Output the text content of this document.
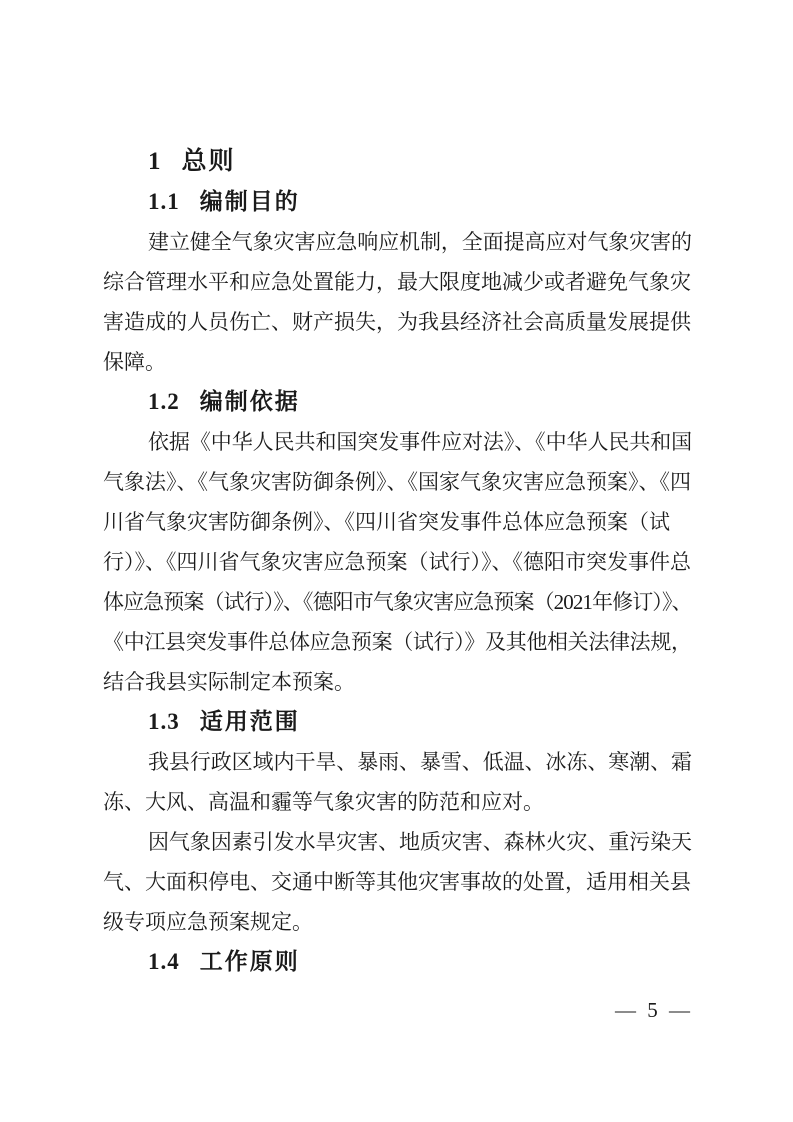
1 总则
1.1 编制目的
建立健全气象灾害应急响应机制，全面提高应对气象灾害的
综合管理水平和应急处置能力，最大限度地减少或者避免气象灾
害造成的人员伤亡、财产损失，为我县经济社会高质量发展提供
保障。
1.2 编制依据
依据《中华人民共和国突发事件应对法》、《中华人民共和国
气象法》、《气象灾害防御条例》、《国家气象灾害应急预案》、《四
川省气象灾害防御条例》、《四川省突发事件总体应急预案（试
行）》、《四川省气象灾害应急预案（试行）》、《德阳市突发事件总
体应急预案（试行）》、《德阳市气象灾害应急预案（2021年修订）》、
《中江县突发事件总体应急预案（试行）》及其他相关法律法规，
结合我县实际制定本预案。
1.3 适用范围
我县行政区域内干旱、暴雨、暴雪、低温、冰冻、寒潮、霜
冻、大风、高温和霾等气象灾害的防范和应对。
因气象因素引发水旱灾害、地质灾害、森林火灾、重污染天
气、大面积停电、交通中断等其他灾害事故的处置，适用相关县
级专项应急预案规定。
1.4 工作原则
— 5 —
